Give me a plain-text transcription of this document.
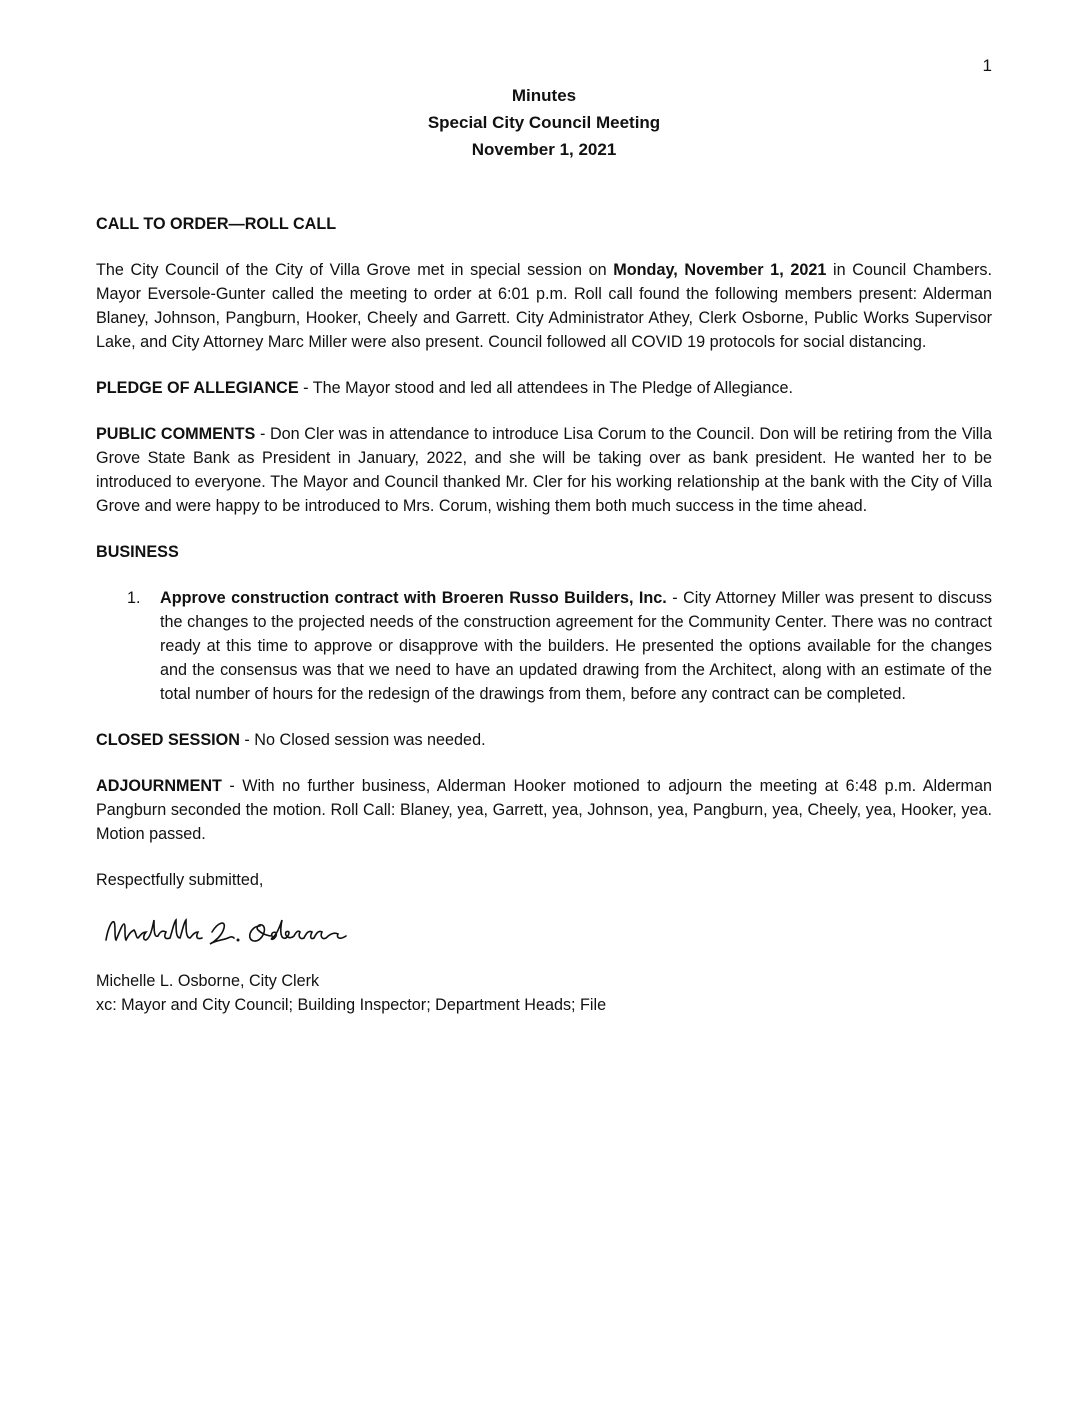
1
Minutes
Special City Council Meeting
November 1, 2021
CALL TO ORDER—ROLL CALL

The City Council of the City of Villa Grove met in special session on Monday, November 1, 2021 in Council Chambers. Mayor Eversole-Gunter called the meeting to order at 6:01 p.m. Roll call found the following members present: Alderman Blaney, Johnson, Pangburn, Hooker, Cheely and Garrett. City Administrator Athey, Clerk Osborne, Public Works Supervisor Lake, and City Attorney Marc Miller were also present. Council followed all COVID 19 protocols for social distancing.

PLEDGE OF ALLEGIANCE - The Mayor stood and led all attendees in The Pledge of Allegiance.

PUBLIC COMMENTS - Don Cler was in attendance to introduce Lisa Corum to the Council. Don will be retiring from the Villa Grove State Bank as President in January, 2022, and she will be taking over as bank president. He wanted her to be introduced to everyone. The Mayor and Council thanked Mr. Cler for his working relationship at the bank with the City of Villa Grove and were happy to be introduced to Mrs. Corum, wishing them both much success in the time ahead.

BUSINESS
1.	Approve construction contract with Broeren Russo Builders, Inc. - City Attorney Miller was present to discuss the changes to the projected needs of the construction agreement for the Community Center. There was no contract ready at this time to approve or disapprove with the builders. He presented the options available for the changes and the consensus was that we need to have an updated drawing from the Architect, along with an estimate of the total number of hours for the redesign of the drawings from them, before any contract can be completed.

CLOSED SESSION - No Closed session was needed.

ADJOURNMENT - With no further business, Alderman Hooker motioned to adjourn the meeting at 6:48 p.m. Alderman Pangburn seconded the motion. Roll Call: Blaney, yea, Garrett, yea, Johnson, yea, Pangburn, yea, Cheely, yea, Hooker, yea. Motion passed.

Respectfully submitted,

Michelle L. Osborne, City Clerk
xc: Mayor and City Council; Building Inspector; Department Heads; File
